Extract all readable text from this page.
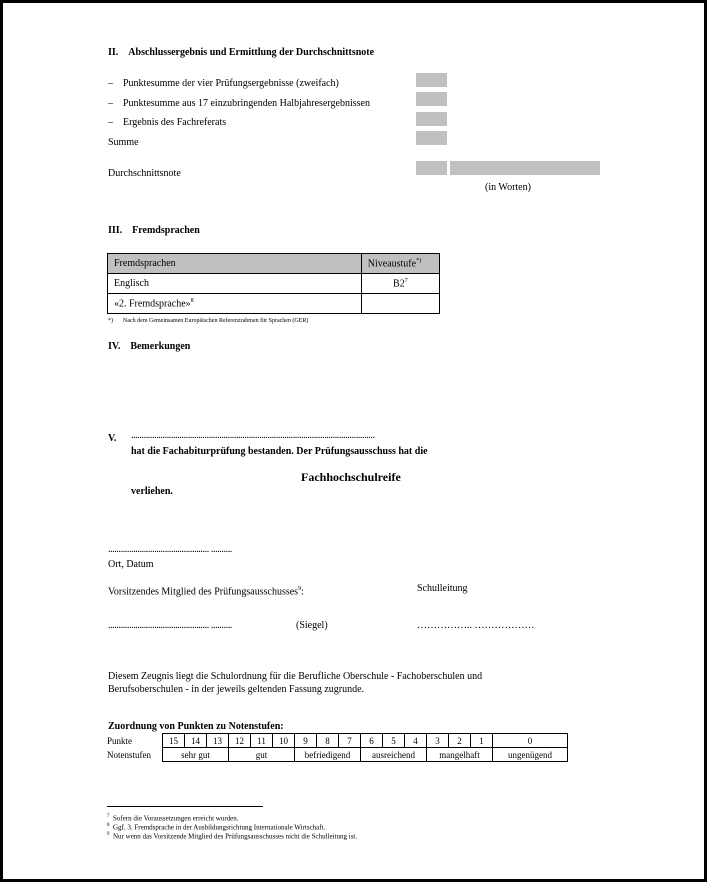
II. Abschlussergebnis und Ermittlung der Durchschnittsnote
– Punktesumme der vier Prüfungsergebnisse (zweifach)
– Punktesumme aus 17 einzubringenden Halbjahresergebnissen
– Ergebnis des Fachreferats
Summe
Durchschnittsnote
(in Worten)
III. Fremdsprachen
Fremdsprachen	Niveaustufe*)
Englisch	$B2^7$
«2. Fremdsprache»$^8$	
*) Nach dem Gemeinsamen Europäischen Referenzrahmen für Sprachen (GER)
IV. Bemerkungen
V. ....................................................................................................................
hat die Fachabiturprüfung bestanden. Der Prüfungsausschuss hat die
Fachhochschulreife
verliehen.
................................................ ..........
Ort, Datum
Vorsitzendes Mitglied des Prüfungsausschusses$^9$:	Schulleitung
................................................ ..........	(Siegel)	…………….. ………………
Diesem Zeugnis liegt die Schulordnung für die Berufliche Oberschule - Fachoberschulen und
Berufsoberschulen - in der jeweils geltenden Fassung zugrunde.
Zuordnung von Punkten zu Notenstufen:
Punkte	15	14	13	12	11	10	9	8	7	6	5	4	3	2	1	0
Notenstufen	sehr gut			gut			befriedigend			ausreichend			mangelhaft			ungenügend
$^7$ Sofern die Voraussetzungen erreicht wurden.
$^8$ Ggf. 3. Fremdsprache in der Ausbildungsrichtung Internationale Wirtschaft.
$^9$ Nur wenn das Vorsitzende Mitglied des Prüfungsausschusses nicht die Schulleitung ist.
